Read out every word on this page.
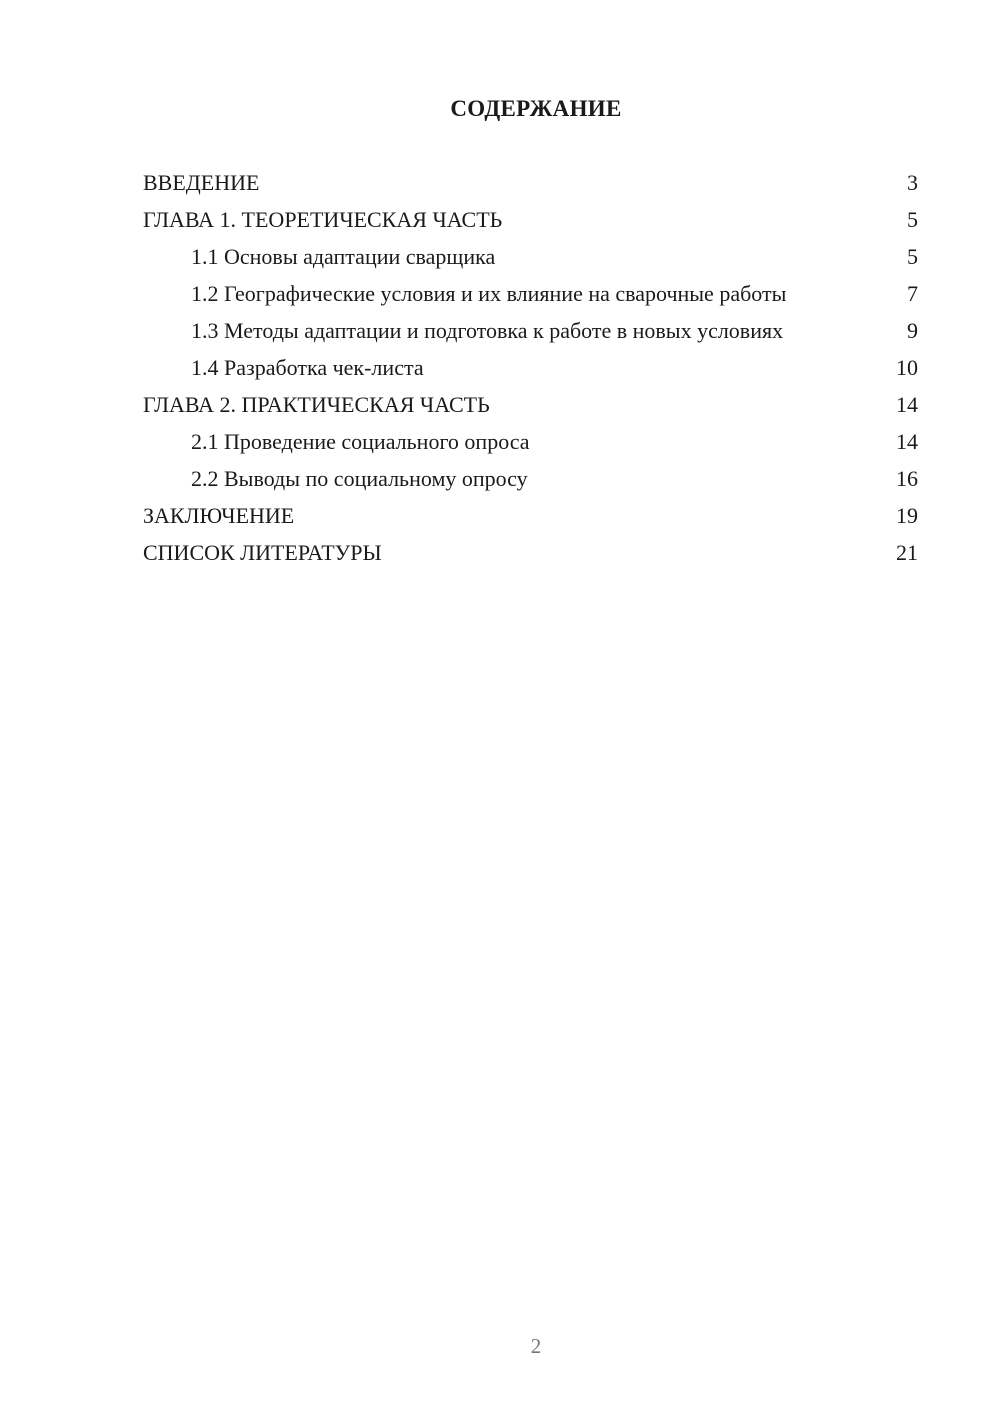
СОДЕРЖАНИЕ
ВВЕДЕНИЕ	3
ГЛАВА 1. ТЕОРЕТИЧЕСКАЯ ЧАСТЬ	5
1.1 Основы адаптации сварщика	5
1.2 Географические условия и их влияние на сварочные работы	7
1.3 Методы адаптации и подготовка к работе в новых условиях	9
1.4 Разработка чек-листа	10
ГЛАВА 2. ПРАКТИЧЕСКАЯ ЧАСТЬ	14
2.1 Проведение социального опроса	14
2.2 Выводы по социальному опросу	16
ЗАКЛЮЧЕНИЕ	19
СПИСОК ЛИТЕРАТУРЫ	21
2
